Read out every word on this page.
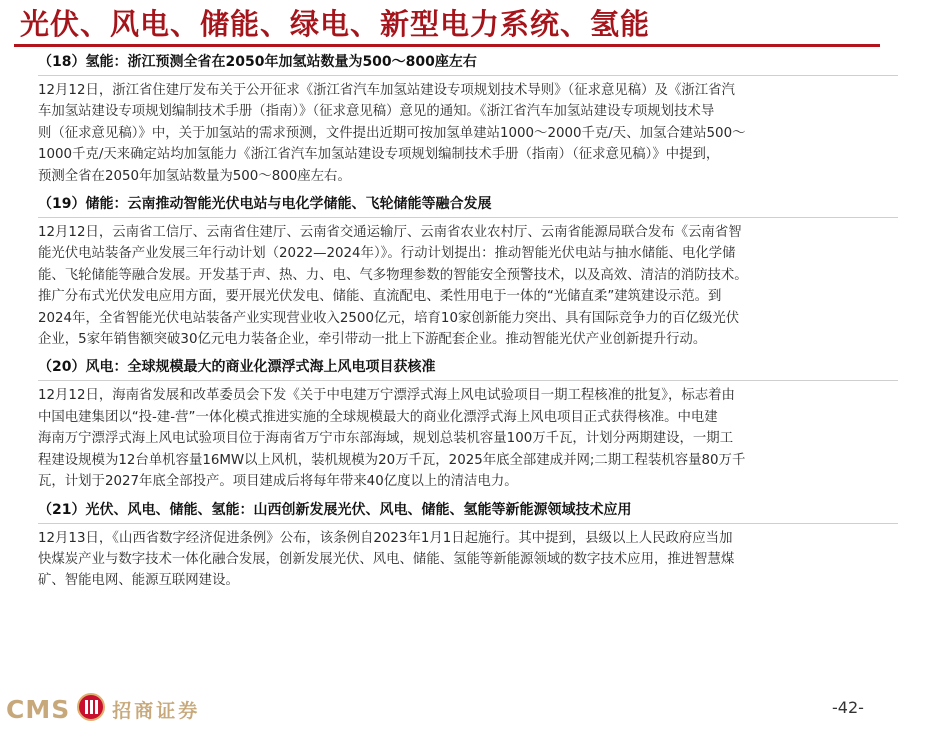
光伏、风电、储能、绿电、新型电力系统、氢能
（18）氢能：浙江预测全省在2050年加氢站数量为500～800座左右
12月12日，浙江省住建厅发布关于公开征求《浙江省汽车加氢站建设专项规划技术导则》（征求意见稿）及《浙江省汽
车加氢站建设专项规划编制技术手册（指南）》（征求意见稿）意见的通知。《浙江省汽车加氢站建设专项规划技术导
则（征求意见稿）》中，关于加氢站的需求预测，文件提出近期可按加氢单建站1000～2000千克/天、加氢合建站500～
1000千克/天来确定站均加氢能力《浙江省汽车加氢站建设专项规划编制技术手册（指南）（征求意见稿）》中提到，
预测全省在2050年加氢站数量为500～800座左右。
（19）储能：云南推动智能光伏电站与电化学储能、飞轮储能等融合发展
12月12日，云南省工信厅、云南省住建厅、云南省交通运输厅、云南省农业农村厅、云南省能源局联合发布《云南省智
能光伏电站装备产业发展三年行动计划（2022—2024年）》。行动计划提出：推动智能光伏电站与抽水储能、电化学储
能、飞轮储能等融合发展。开发基于声、热、力、电、气多物理参数的智能安全预警技术，以及高效、清洁的消防技术。
推广分布式光伏发电应用方面，要开展光伏发电、储能、直流配电、柔性用电于一体的“光储直柔”建筑建设示范。到
2024年，全省智能光伏电站装备产业实现营业收入2500亿元，培育10家创新能力突出、具有国际竞争力的百亿级光伏
企业，5家年销售额突破30亿元电力装备企业，牵引带动一批上下游配套企业。推动智能光伏产业创新提升行动。
（20）风电：全球规模最大的商业化漂浮式海上风电项目获核准
12月12日，海南省发展和改革委员会下发《关于中电建万宁漂浮式海上风电试验项目一期工程核准的批复》，标志着由
中国电建集团以“投-建-营”一体化模式推进实施的全球规模最大的商业化漂浮式海上风电项目正式获得核准。中电建
海南万宁漂浮式海上风电试验项目位于海南省万宁市东部海域，规划总装机容量100万千瓦，计划分两期建设，一期工
程建设规模为12台单机容量16MW以上风机，装机规模为20万千瓦，2025年底全部建成并网;二期工程装机容量80万千
瓦，计划于2027年底全部投产。项目建成后将每年带来40亿度以上的清洁电力。
（21）光伏、风电、储能、氢能：山西创新发展光伏、风电、储能、氢能等新能源领域技术应用
12月13日，《山西省数字经济促进条例》公布，该条例自2023年1月1日起施行。其中提到，县级以上人民政府应当加
快煤炭产业与数字技术一体化融合发展，创新发展光伏、风电、储能、氢能等新能源领域的数字技术应用，推进智慧煤
矿、智能电网、能源互联网建设。
CMS 招商证券	-42-
